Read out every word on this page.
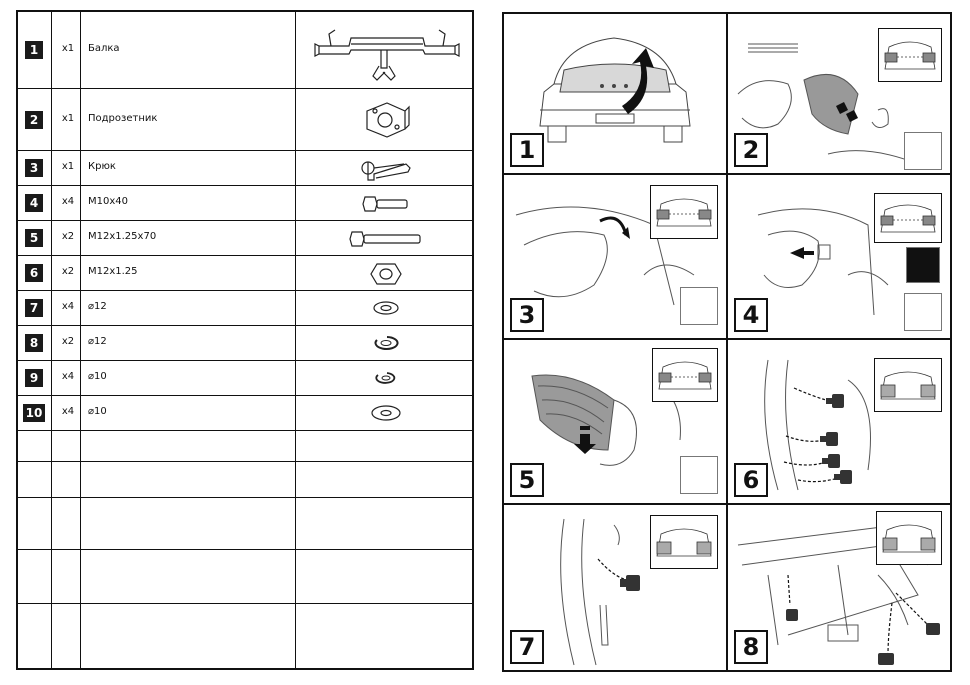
1	x1	Балка
2	x1	Подрозетник
3	x1	Крюк
4	x4	M10x40
5	x2	M12x1.25x70
6	x2	M12x1.25
7	x4	⌀12
8	x2	⌀12
9	x4	⌀10
10	x4	⌀10
1	2
3	4
5	6
7	8
